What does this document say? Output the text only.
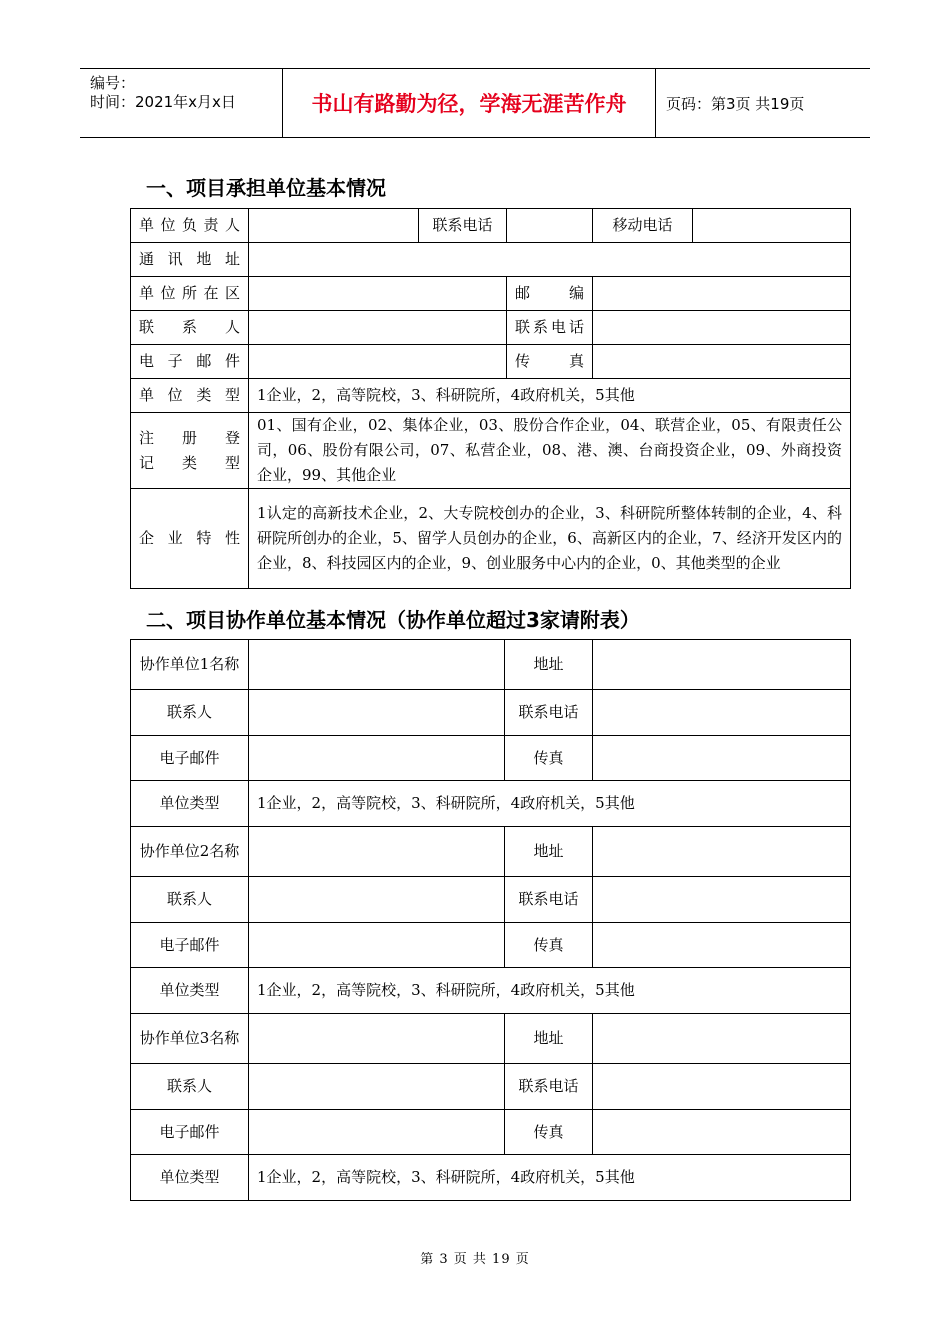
编号：
时间：2021年x月x日	书山有路勤为径，学海无涯苦作舟	页码：第3页 共19页
一、项目承担单位基本情况
单位负责人		联系电话		移动电话	
通讯地址					
单位所在区			邮 编		
联 系 人			联系电话		
电子邮件			传 真		
单位类型	1企业，2，高等院校，3、科研院所，4政府机关，5其他				

注 册 登
记 类 型	01、国有企业，02、集体企业，03、股份合作企业，04、联营企业，05、有限责任公司，06、股份有限公司，07、私营企业，08、港、澳、台商投资企业，09、外商投资企业，99、其他企业				
企业特性	1认定的高新技术企业，2、大专院校创办的企业，3、科研院所整体转制的企业，4、科研院所创办的企业，5、留学人员创办的企业，6、高新区内的企业，7、经济开发区内的企业，8、科技园区内的企业，9、创业服务中心内的企业，0、其他类型的企业				
二、项目协作单位基本情况（协作单位超过3家请附表）
协作单位1名称		地址	
联系人		联系电话	
电子邮件		传真	
单位类型	1企业，2，高等院校，3、科研院所，4政府机关，5其他		
协作单位2名称		地址	
联系人		联系电话	
电子邮件		传真	
单位类型	1企业，2，高等院校，3、科研院所，4政府机关，5其他		
协作单位3名称		地址	
联系人		联系电话	
电子邮件		传真	
单位类型	1企业，2，高等院校，3、科研院所，4政府机关，5其他		
第 3 页 共 19 页
